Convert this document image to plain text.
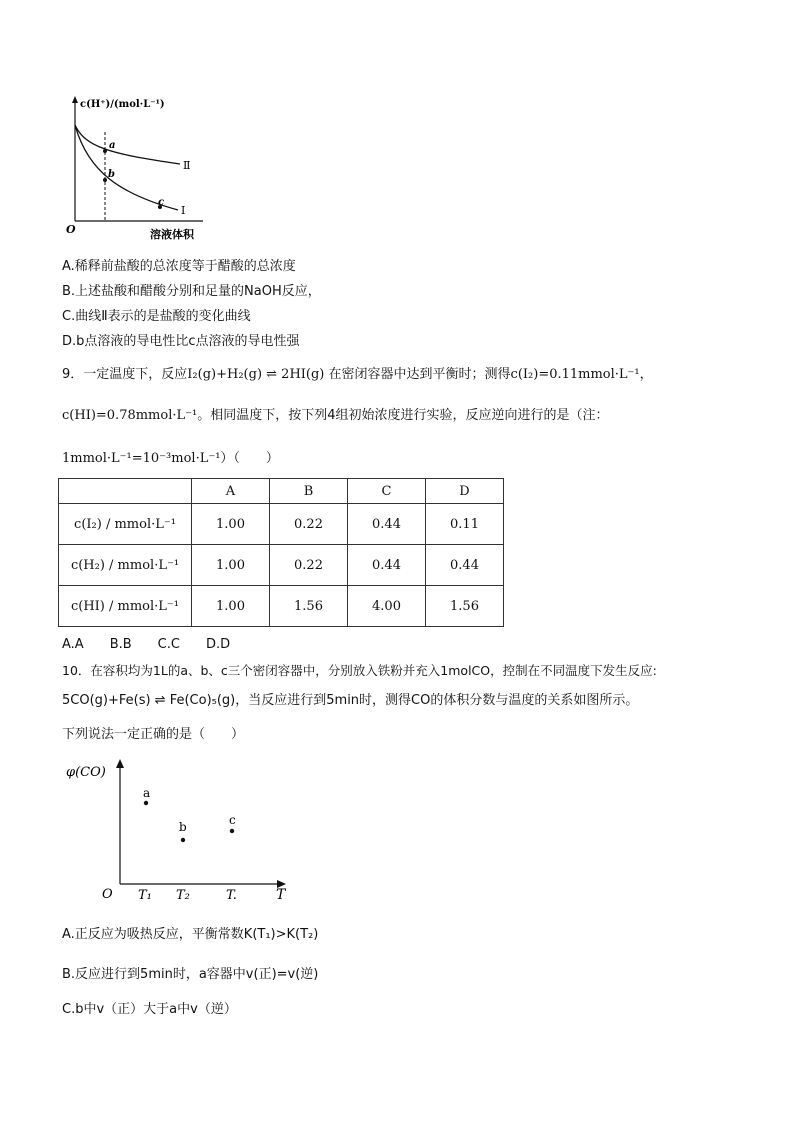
c(H⁺)/(mol·L⁻¹)
a
b
c
Ⅱ
Ⅰ
O	溶液体积
A.稀释前盐酸的总浓度等于醋酸的总浓度
B.上述盐酸和醋酸分别和足量的NaOH反应，
C.曲线Ⅱ表示的是盐酸的变化曲线
D.b点溶液的导电性比c点溶液的导电性强
9．一定温度下，反应I₂(g)+H₂(g) ⇌ 2HI(g) 在密闭容器中达到平衡时；测得c(I₂)=0.11mmol·L⁻¹，
c(HI)=0.78mmol·L⁻¹。相同温度下，按下列4组初始浓度进行实验，反应逆向进行的是（注：
1mmol·L⁻¹=10⁻³mol·L⁻¹）（　　）
	A	B	C	D
c(I₂) / mmol·L⁻¹	1.00	0.22	0.44	0.11
c(H₂) / mmol·L⁻¹	1.00	0.22	0.44	0.44
c(HI) / mmol·L⁻¹	1.00	1.56	4.00	1.56
A.A　　B.B　　C.C　　D.D
10．在容积均为1L的a、b、c三个密闭容器中，分别放入铁粉并充入1molCO，控制在不同温度下发生反应:
5CO(g)+Fe(s) ⇌ Fe(Co)₅(g)，当反应进行到5min时，测得CO的体积分数与温度的关系如图所示。
下列说法一定正确的是（　　）
φ(CO)
a
b	c
O T₁ T₂	T.	T
A.正反应为吸热反应，平衡常数K(T₁)>K(T₂)
B.反应进行到5min时，a容器中v(正)=v(逆)
C.b中v（正）大于a中v（逆）
